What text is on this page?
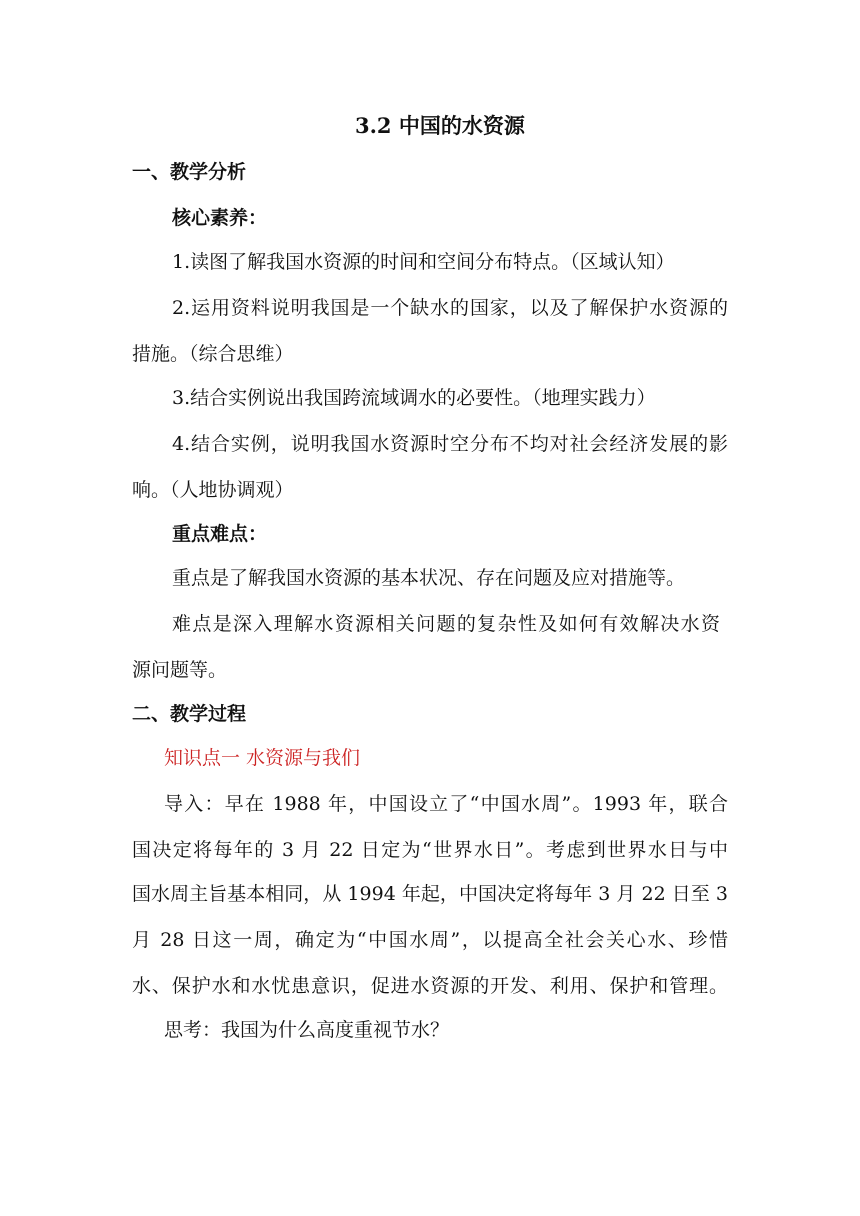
3.2 中国的水资源
一、教学分析
核心素养：
1.读图了解我国水资源的时间和空间分布特点。（区域认知）
2.运用资料说明我国是一个缺水的国家，以及了解保护水资源的
措施。（综合思维）
3.结合实例说出我国跨流域调水的必要性。（地理实践力）
4.结合实例，说明我国水资源时空分布不均对社会经济发展的影
响。（人地协调观）
重点难点：
重点是了解我国水资源的基本状况、存在问题及应对措施等。
难点是深入理解水资源相关问题的复杂性及如何有效解决水资
源问题等。
二、教学过程
知识点一 水资源与我们
导入：早在 1988 年，中国设立了“中国水周”。1993 年，联合
国决定将每年的 3 月 22 日定为“世界水日”。考虑到世界水日与中
国水周主旨基本相同，从 1994 年起，中国决定将每年 3 月 22 日至 3
月 28 日这一周，确定为“中国水周”，以提高全社会关心水、珍惜
水、保护水和水忧患意识，促进水资源的开发、利用、保护和管理。
思考：我国为什么高度重视节水？
